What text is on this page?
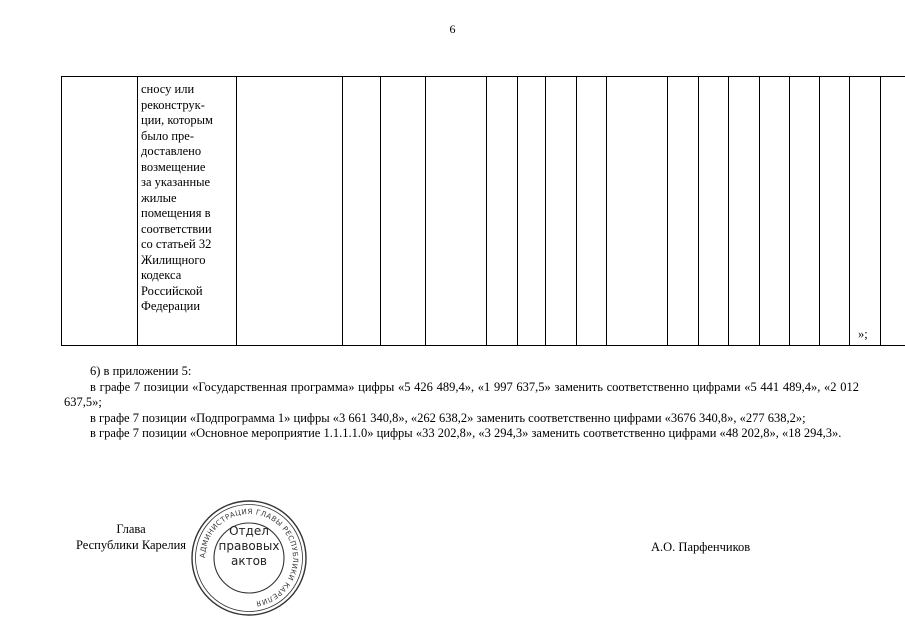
6

сносу или
реконструк-
ции, которым
было пре-
доставлено
возмещение
за указанные
жилые
помещения в
соответствии
со статьей 32
Жилищного
кодекса
Российской
Федерации

»;

6) в приложении 5:

в графе 7 позиции «Государственная программа» цифры «5 426 489,4», «1 997 637,5» заменить соответственно цифрами «5 441 489,4», «2 012 637,5»;

в графе 7 позиции «Подпрограмма 1» цифры «3 661 340,8», «262 638,2» заменить соответственно цифрами «3676 340,8», «277 638,2»;

в графе 7 позиции «Основное мероприятие 1.1.1.1.0» цифры «33 202,8», «3 294,3» заменить соответственно цифрами «48 202,8», «18 294,3».

Глава
Республики Карелия
АДМИНИСТРАЦИЯ ГЛАВЫ РЕСПУБЛИКИ КАРЕЛИЯ
Отдел
правовых
актов
А.О. Парфенчиков
